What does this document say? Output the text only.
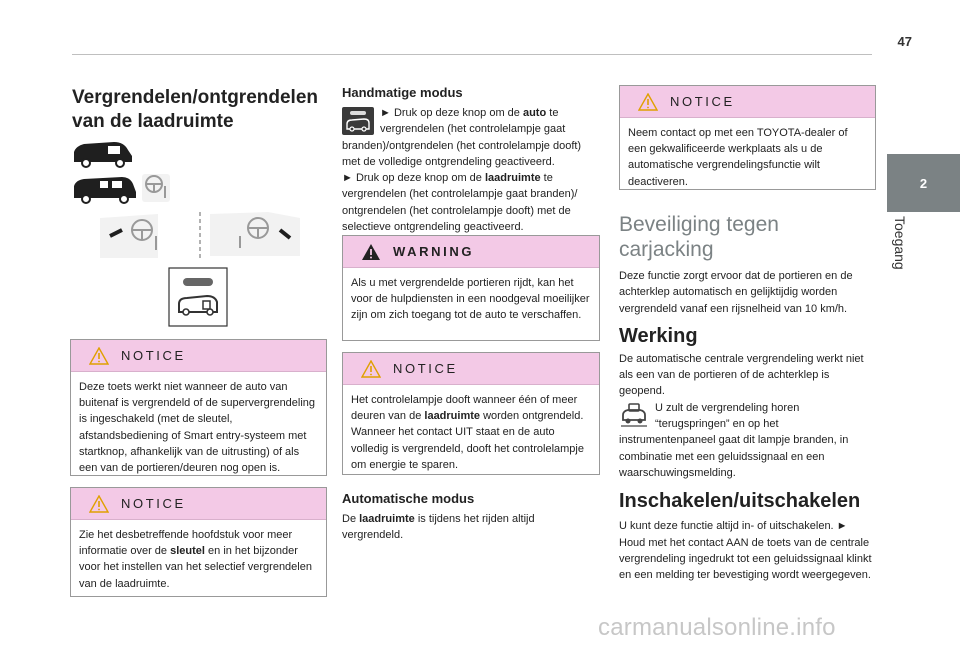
47
2
Toegang
Vergrendelen/ontgrendelen van de laadruimte
NOTICE
Deze toets werkt niet wanneer de auto van buitenaf is vergrendeld of de supervergrendeling is ingeschakeld (met de sleutel, afstandsbediening of Smart entry-systeem met startknop, afhankelijk van de uitrusting) of als een van de portieren/deuren nog open is.
NOTICE
Zie het desbetreffende hoofdstuk voor meer informatie over de sleutel en in het bijzonder voor het instellen van het selectief vergrendelen van de laadruimte.
Handmatige modus
► Druk op deze knop om de auto te vergrendelen (het controlelampje gaat branden)/ontgrendelen (het controlelampje dooft) met de volledige ontgrendeling geactiveerd.
► Druk op deze knop om de laadruimte te vergrendelen (het controlelampje gaat branden)/ ontgrendelen (het controlelampje dooft) met de selectieve ontgrendeling geactiveerd.
WARNING
Als u met vergrendelde portieren rijdt, kan het voor de hulpdiensten in een noodgeval moeilijker zijn om zich toegang tot de auto te verschaffen.
NOTICE
Het controlelampje dooft wanneer één of meer deuren van de laadruimte worden ontgrendeld. Wanneer het contact UIT staat en de auto volledig is vergrendeld, dooft het controlelampje om energie te sparen.
Automatische modus
De laadruimte is tijdens het rijden altijd vergrendeld.
NOTICE
Neem contact op met een TOYOTA-dealer of een gekwalificeerde werkplaats als u de automatische vergrendelingsfunctie wilt deactiveren.
Beveiliging tegen carjacking
Deze functie zorgt ervoor dat de portieren en de achterklep automatisch en gelijktijdig worden vergrendeld vanaf een rijsnelheid van 10 km/h.
Werking
De automatische centrale vergrendeling werkt niet als een van de portieren of de achterklep is geopend.
U zult de vergrendeling horen “terugspringen” en op het instrumentenpaneel gaat dit lampje branden, in combinatie met een geluidssignaal en een waarschuwingsmelding.
Inschakelen/uitschakelen
U kunt deze functie altijd in- of uitschakelen. ► Houd met het contact AAN de toets van de centrale vergrendeling ingedrukt tot een geluidssignaal klinkt en een melding ter bevestiging wordt weergegeven.
carmanualsonline.info
